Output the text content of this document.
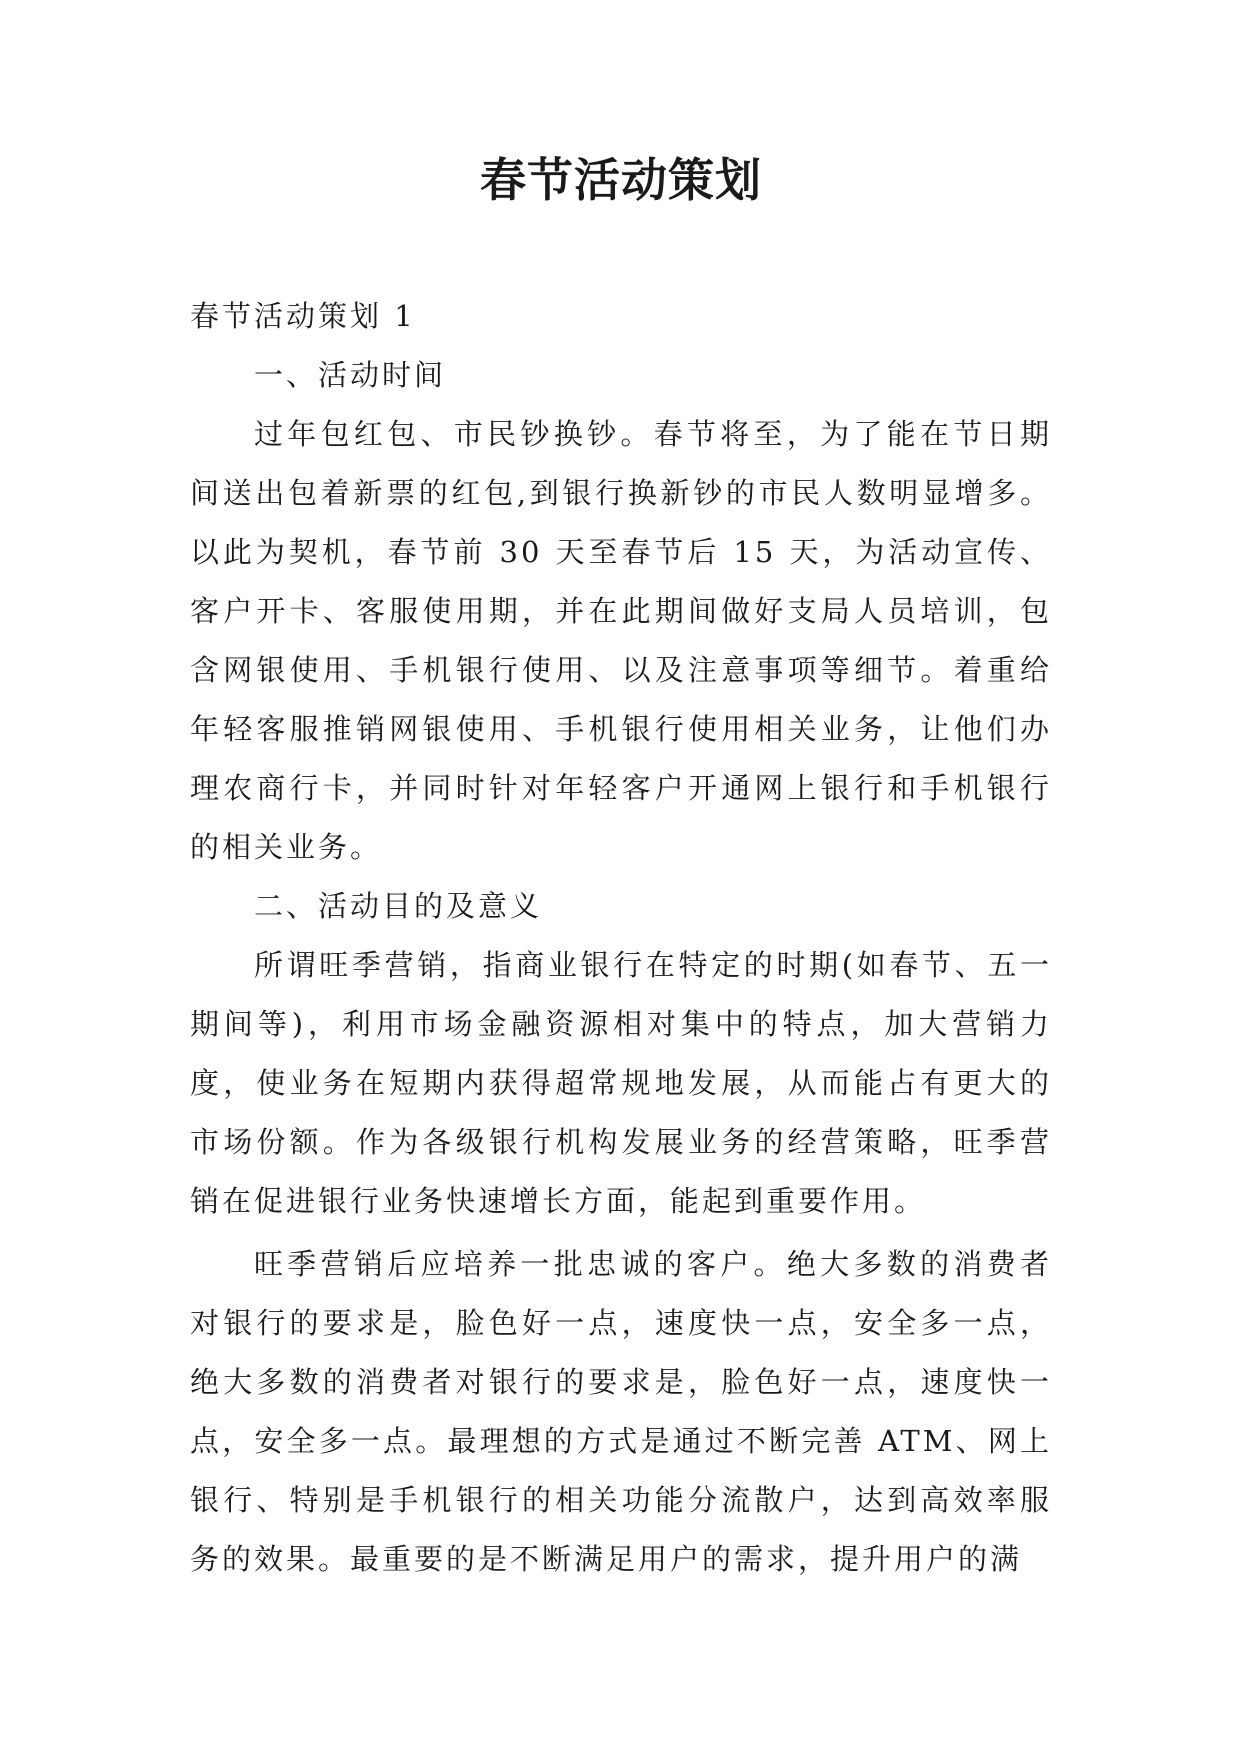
春节活动策划

春节活动策划 1

一、活动时间

过年包红包、市民钞换钞。春节将至，为了能在节日期间送出包着新票的红包,到银行换新钞的市民人数明显增多。以此为契机，春节前 30 天至春节后 15 天，为活动宣传、客户开卡、客服使用期，并在此期间做好支局人员培训，包含网银使用、手机银行使用、以及注意事项等细节。着重给年轻客服推销网银使用、手机银行使用相关业务，让他们办理农商行卡，并同时针对年轻客户开通网上银行和手机银行的相关业务。

二、活动目的及意义

所谓旺季营销，指商业银行在特定的时期(如春节、五一期间等)，利用市场金融资源相对集中的特点，加大营销力度，使业务在短期内获得超常规地发展，从而能占有更大的市场份额。作为各级银行机构发展业务的经营策略，旺季营销在促进银行业务快速增长方面，能起到重要作用。

旺季营销后应培养一批忠诚的客户。绝大多数的消费者对银行的要求是，脸色好一点，速度快一点，安全多一点，绝大多数的消费者对银行的要求是，脸色好一点，速度快一点，安全多一点。最理想的方式是通过不断完善 ATM、网上银行、特别是手机银行的相关功能分流散户，达到高效率服务的效果。最重要的是不断满足用户的需求，提升用户的满
